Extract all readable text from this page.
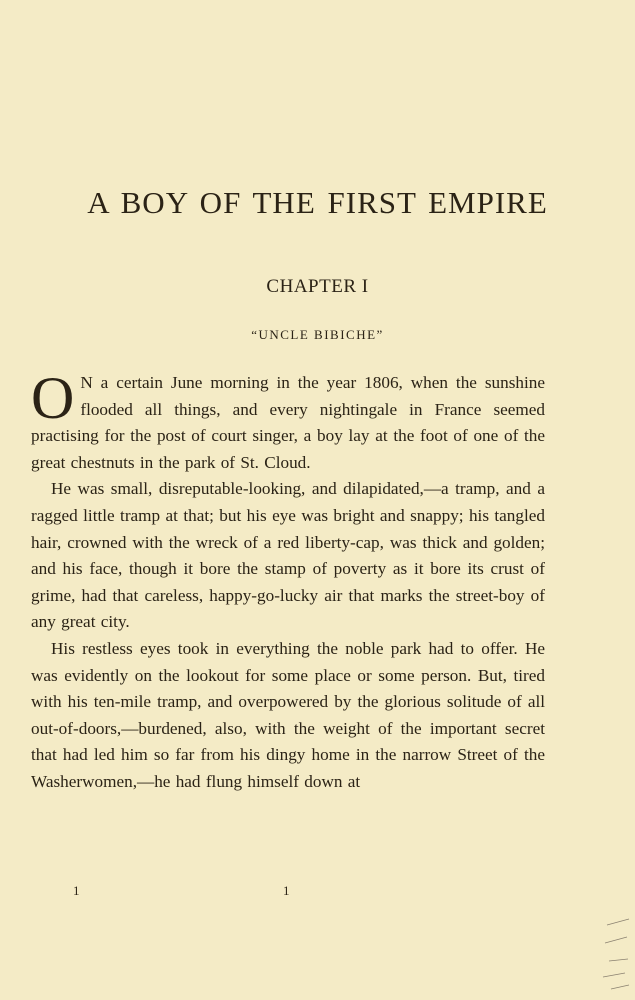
A BOY OF THE FIRST EMPIRE
CHAPTER I
“UNCLE BIBICHE”

O N a certain June morning in the year 1806, when the sunshine flooded all things, and every nightingale in France seemed practising for the post of court singer, a boy lay at the foot of one of the great chestnuts in the park of St. Cloud.

He was small, disreputable-looking, and dilapidated,—a tramp, and a ragged little tramp at that; but his eye was bright and snappy; his tangled hair, crowned with the wreck of a red liberty-cap, was thick and golden; and his face, though it bore the stamp of poverty as it bore its crust of grime, had that careless, happy-go-lucky air that marks the street-boy of any great city.

His restless eyes took in everything the noble park had to offer. He was evidently on the lookout for some place or some person. But, tired with his ten-mile tramp, and overpowered by the glorious solitude of all out-of-doors,—burdened, also, with the weight of the important secret that had led him so far from his dingy home in the narrow Street of the Washerwomen,—he had flung himself down at

1	1
